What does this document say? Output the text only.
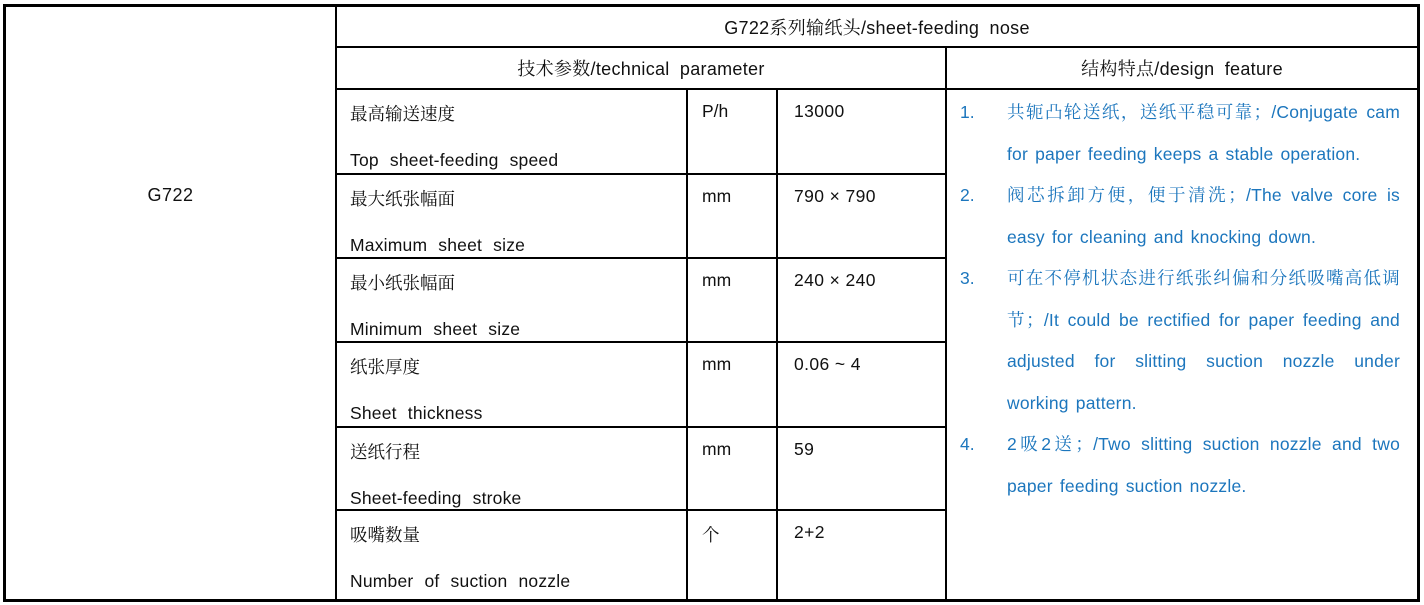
G722
G722系列输纸头/sheet-feeding nose
技术参数/technical parameter	结构特点/design feature
最高输送速度
Top sheet-feeding speed
P/h	13000
最大纸张幅面
Maximum sheet size
mm	790 × 790
最小纸张幅面
Minimum sheet size
mm	240 × 240
纸张厚度
Sheet thickness
mm	0.06 ~ 4
送纸行程
Sheet-feeding stroke
mm	59
吸嘴数量
Number of suction nozzle
个	2+2
1.	共轭凸轮送纸，送纸平稳可靠；/Conjugate cam for paper feeding keeps a stable operation.
2.	阀芯拆卸方便，便于清洗；/The valve core is easy for cleaning and knocking down.
3.	可在不停机状态进行纸张纠偏和分纸吸嘴高低调节；/It could be rectified for paper feeding and adjusted for slitting suction nozzle under working pattern.
4.	2吸2送；/Two slitting suction nozzle and two paper feeding suction nozzle.
